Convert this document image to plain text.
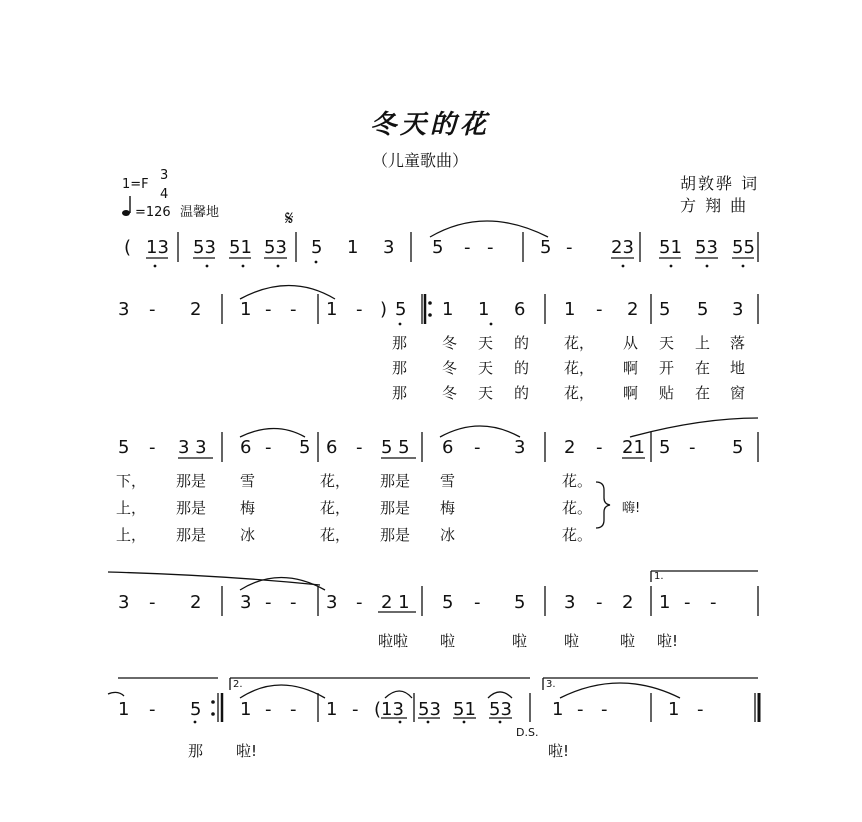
冬天的花
（儿童歌曲）
1=F
3
4
=126 温馨地
胡敦骅 词
方 翔 曲
𝄋
( 13 53 51 53 5 1 3 5 - -	5 - 23 51 53 55
3 - 2 1 - - 1 - ) 5 1 1 6 1 - 2 5 5 3
那 冬 天 的 花， 从 天 上 落
那 冬 天 的 花， 啊 开 在 地
那 冬 天 的 花， 啊 贴 在 窗
5 - 3 3 6 - 5 6 - 5 5 6 - 3 2 - 21 5 - 5
下， 那是 雪	花， 那是 雪	花。
上， 那是 梅	花， 那是 梅	花。 嗨!
上， 那是 冰	花， 那是 冰	花。
3 - 2 3 - - 3 - 2 1 5 - 5 3 - 2 1 - -
1.
啦啦 啦	啦 啦	啦 啦!
1 - 5 1 - - 1 - ( 13 53 51 53 1 - -	1 -
2.	3.
D.S.
那 啦!	啦!
